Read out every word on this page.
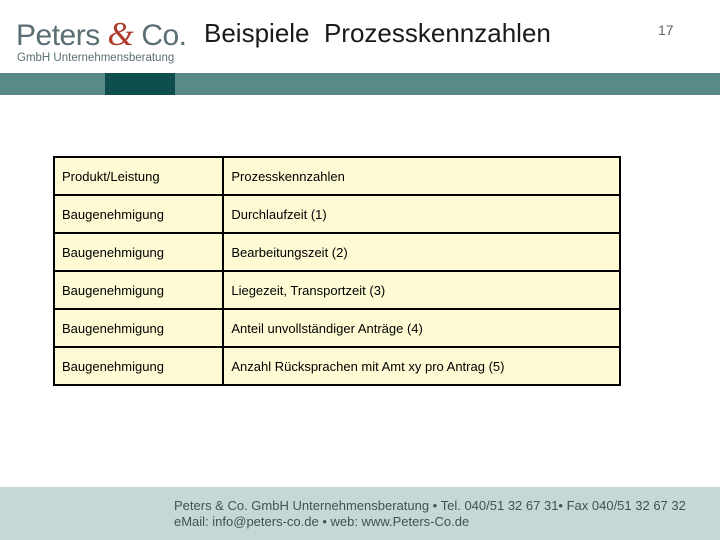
Peters & Co.
GmbH Unternehmensberatung
Beispiele  Prozesskennzahlen	17
Produkt/Leistung	Prozesskennzahlen
Baugenehmigung	Durchlaufzeit (1)
Baugenehmigung	Bearbeitungszeit (2)
Baugenehmigung	Liegezeit, Transportzeit (3)
Baugenehmigung	Anteil unvollständiger Anträge (4)
Baugenehmigung	Anzahl Rücksprachen mit Amt xy pro Antrag (5)
Peters & Co. GmbH Unternehmensberatung • Tel. 040/51 32 67 31• Fax 040/51 32 67 32
eMail: info@peters-co.de • web: www.Peters-Co.de
